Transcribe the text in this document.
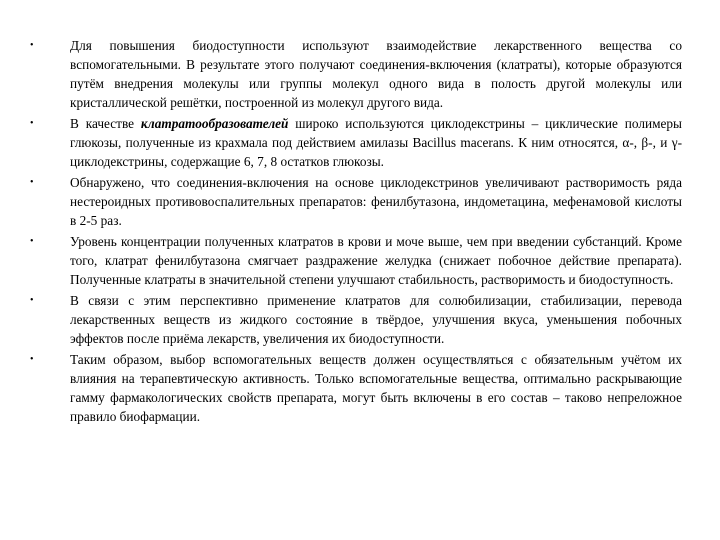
•	Для повышения биодоступности используют взаимодействие лекарственного вещества со вспомогательными. В результате этого получают соединения-включения (клатраты), которые образуются путём внедрения молекулы или группы молекул одного вида в полость другой молекулы или кристаллической решётки, построенной из молекул другого вида.
•	В качестве клатратообразователей широко используются циклодекстрины – циклические полимеры глюкозы, полученные из крахмала под действием амилазы Bacillus macerans. К ним относятся, α-, β-, и γ-циклодекстрины, содержащие 6, 7, 8 остатков глюкозы.
•	Обнаружено, что соединения-включения на основе циклодекстринов увеличивают растворимость ряда нестероидных противовоспалительных препаратов: фенилбутазона, индометацина, мефенамовой кислоты в 2-5 раз.
•	Уровень концентрации полученных клатратов в крови и моче выше, чем при введении субстанций. Кроме того, клатрат фенилбутазона смягчает раздражение желудка (снижает побочное действие препарата). Полученные клатраты в значительной степени улучшают стабильность, растворимость и биодоступность.
•	В связи с этим перспективно применение клатратов для солюбилизации, стабилизации, перевода лекарственных веществ из жидкого состояние в твёрдое, улучшения вкуса, уменьшения побочных эффектов после приёма лекарств, увеличения их биодоступности.
•	Таким образом, выбор вспомогательных веществ должен осуществляться с обязательным учётом их влияния на терапевтическую активность. Только вспомогательные вещества, оптимально раскрывающие гамму фармакологических свойств препарата, могут быть включены в его состав – таково непреложное правило биофармации.
